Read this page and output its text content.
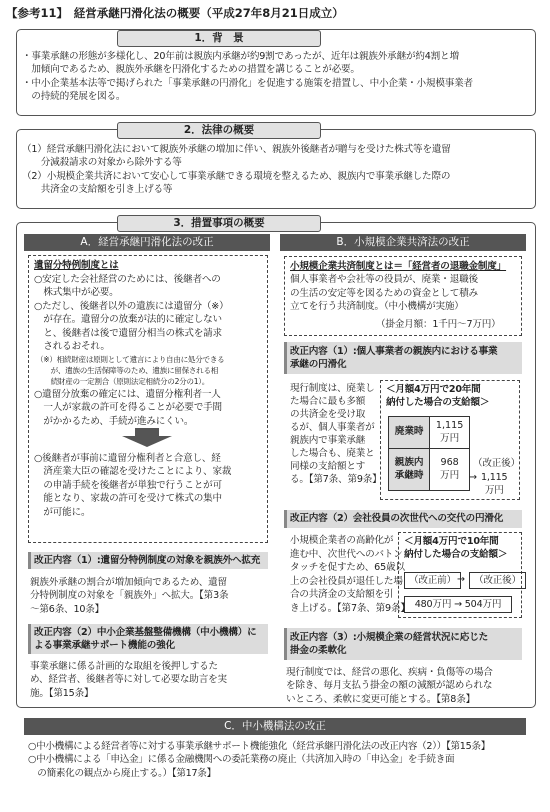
【参考11】　経営承継円滑化法の概要（平成27年8月21日成立）
1．背　景
・事業承継の形態が多様化し、20年前は親族内承継が約9割であったが、近年は親族外承継が約4割と増
　加傾向であるため、親族外承継を円滑化するための措置を講じることが必要。
・中小企業基本法等で掲げられた「事業承継の円滑化」を促進する施策を措置し、中小企業・小規模事業者
　の持続的発展を図る。
2．法律の概要
（1）経営承継円滑化法において親族外承継の増加に伴い、親族外後継者が贈与を受けた株式等を遺留
　　分減殺請求の対象から除外する等
（2）小規模企業共済において安心して事業承継できる環境を整えるため、親族内で事業承継した際の
　　共済金の支給額を引き上げる等
3．措置事項の概要
A．経営承継円滑化法の改正
遺留分特例制度とは
○安定した会社経営のためには、後継者への
　株式集中が必要。
○ただし、後継者以外の遺族には遺留分（※）
　が存在。遺留分の放棄が法的に確定しない
　と、後継者は後で遺留分相当の株式を請求
　されるおそれ。
（※）相続財産は原則として遺言により自由に処分できる
　　が、遺族の生活保障等のため、遺族に留保される相
　　続財産の一定割合（原則法定相続分の2分の1）。
○遺留分放棄の確定には、遺留分権利者一人
　一人が家裁の許可を得ることが必要で手間
　がかかるため、手続が進みにくい。
○後継者が事前に遺留分権利者と合意し、経
　済産業大臣の確認を受けたことにより、家裁
　の申請手続を後継者が単独で行うことが可
　能となり、家裁の許可を受けて株式の集中
　が可能に。
改正内容（1）:遺留分特例制度の対象を親族外へ拡充
親族外承継の割合が増加傾向であるため、遺留
分特例制度の対象を「親族外」へ拡大。【第3条
〜第6条、10条】
改正内容（2）中小企業基盤整備機構（中小機構）に
よる事業承継サポート機能の強化
事業承継に係る計画的な取組を後押しするた
め、経営者、後継者等に対して必要な助言を実
施。【第15条】
B．小規模企業共済法の改正
小規模企業共済制度とは＝「経営者の退職金制度」
個人事業者や会社等の役員が、廃業・退職後
の生活の安定等を図るための資金として積み
立てを行う共済制度。（中小機構が実施）
（掛金月額：1千円〜7万円）
改正内容（1）:個人事業者の親族内における事業
承継の円滑化
現行制度は、廃業し
た場合に最も多額
の共済金を受け取
るが、個人事業者が
親族内で事業承継
した場合も、廃業と
同様の支給額とす
る。【第7条、第9条】
＜月額4万円で20年間
納付した場合の支給額＞
廃業時	1,115
万円
親族内
承継時	968
万円
（改正後）
→ 1,115
万円
改正内容（2）会社役員の次世代への交代の円滑化
小規模企業者の高齢化が
進む中、次世代へのバトン
タッチを促すため、65歳以
上の会社役員が退任した場
合の共済金の支給額を引
き上げる。【第7条、第9条】
＜月額4万円で10年間
納付した場合の支給額＞
（改正前） → （改正後）
480万円 → 504万円
改正内容（3）:小規模企業の経営状況に応じた
掛金の柔軟化
現行制度では、経営の悪化、疾病・負傷等の場合
を除き、毎月支払う掛金の額の減額が認められな
いところ、柔軟に変更可能とする。【第8条】
C．中小機構法の改正
○中小機構による経営者等に対する事業承継サポート機能強化（経営承継円滑化法の改正内容（2））【第15条】
○中小機構による「申込金」に係る金融機関への委託業務の廃止（共済加入時の「申込金」を手続き面
　の簡素化の観点から廃止する。）【第17条】
